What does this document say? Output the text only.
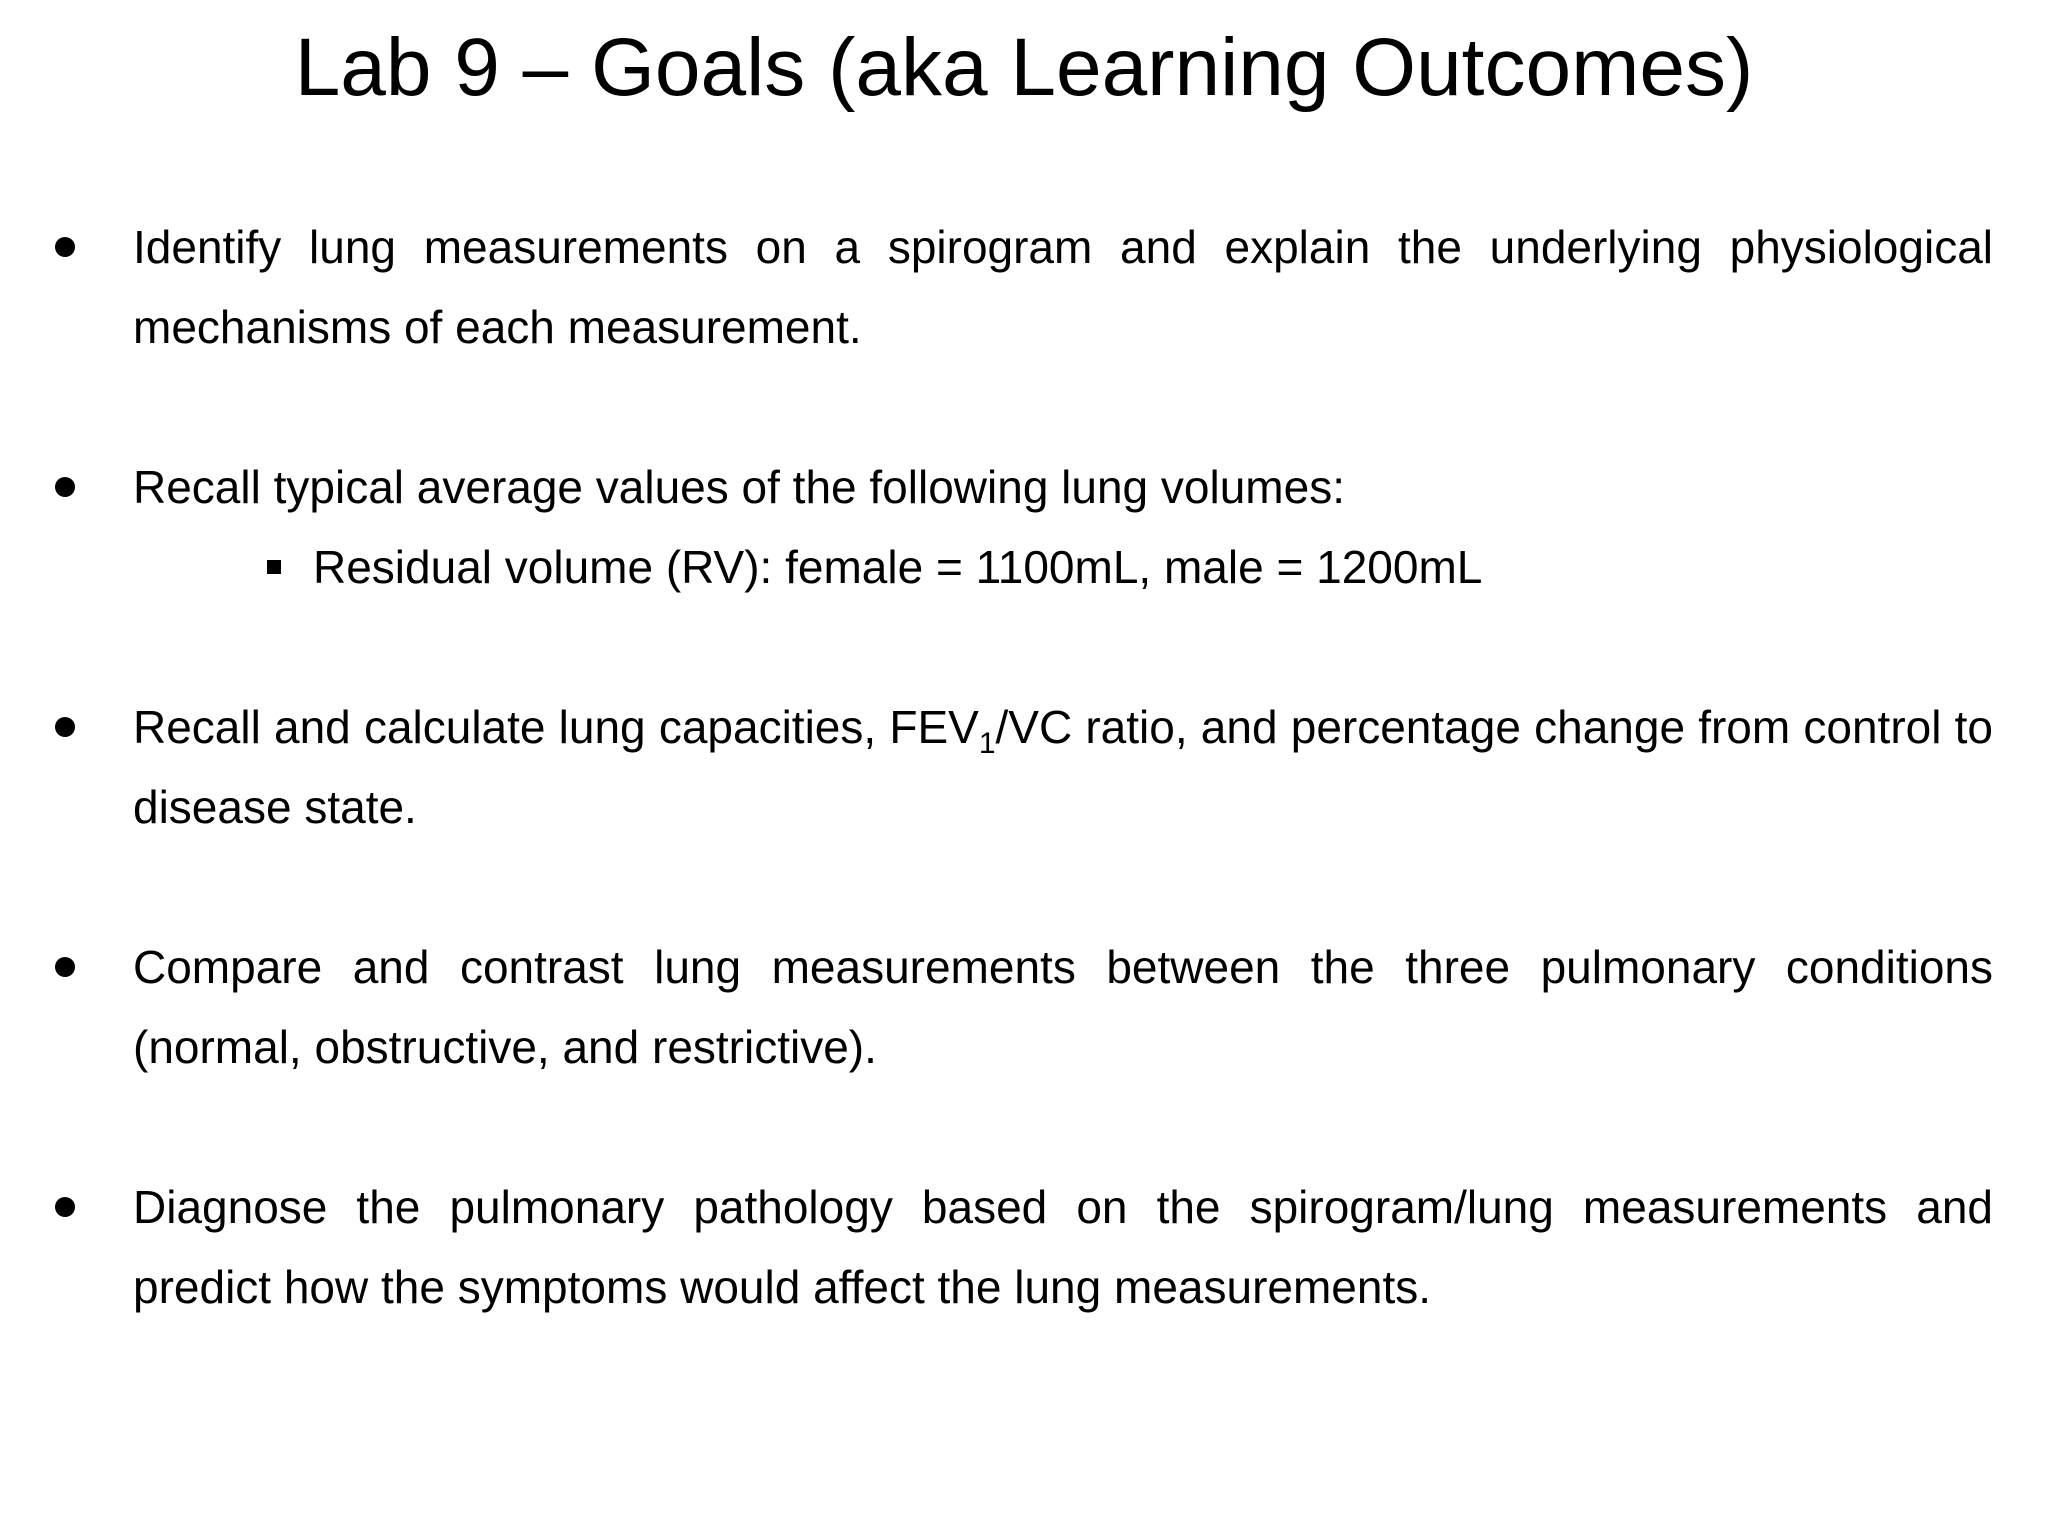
Lab 9 – Goals (aka Learning Outcomes)
Identify lung measurements on a spirogram and explain the underlying physiological mechanisms of each measurement.
Recall typical average values of the following lung volumes:
Residual volume (RV): female = 1100mL, male = 1200mL
Recall and calculate lung capacities, $FEV_1/VC$ ratio, and percentage change from control to disease state.
Compare and contrast lung measurements between the three pulmonary conditions (normal, obstructive, and restrictive).
Diagnose the pulmonary pathology based on the spirogram/lung measurements and predict how the symptoms would affect the lung measurements.
